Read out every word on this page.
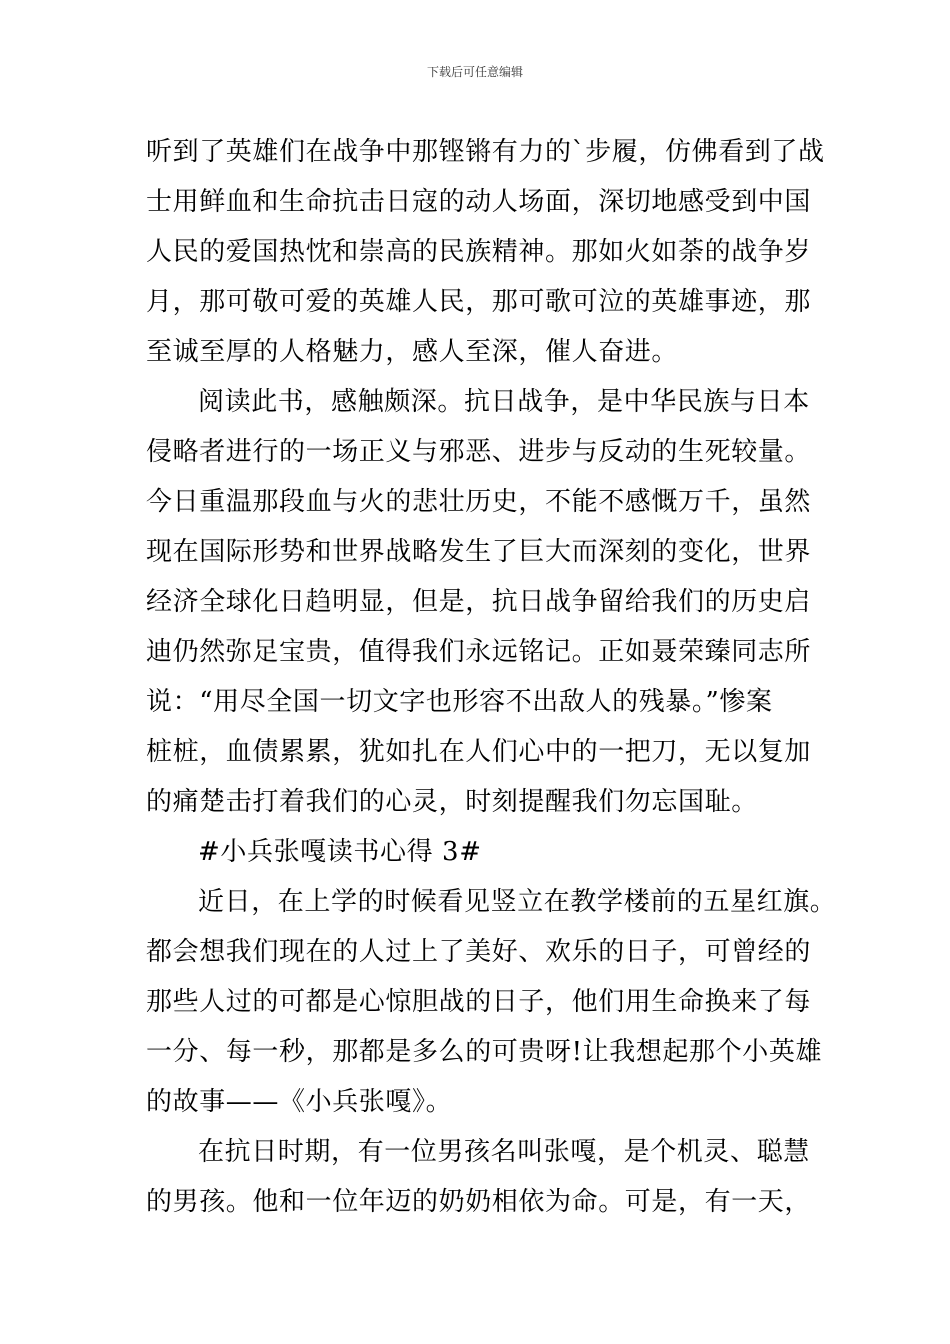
下载后可任意编辑
听到了英雄们在战争中那铿锵有力的`步履，仿佛看到了战
士用鲜血和生命抗击日寇的动人场面，深切地感受到中国
人民的爱国热忱和崇高的民族精神。那如火如荼的战争岁
月，那可敬可爱的英雄人民，那可歌可泣的英雄事迹，那
至诚至厚的人格魅力，感人至深，催人奋进。
阅读此书，感触颇深。抗日战争，是中华民族与日本
侵略者进行的一场正义与邪恶、进步与反动的生死较量。
今日重温那段血与火的悲壮历史，不能不感慨万千，虽然
现在国际形势和世界战略发生了巨大而深刻的变化，世界
经济全球化日趋明显，但是，抗日战争留给我们的历史启
迪仍然弥足宝贵，值得我们永远铭记。正如聂荣臻同志所
说：“用尽全国一切文字也形容不出敌人的残暴。”惨案
桩桩，血债累累，犹如扎在人们心中的一把刀，无以复加
的痛楚击打着我们的心灵，时刻提醒我们勿忘国耻。
#小兵张嘎读书心得 3#
近日，在上学的时候看见竖立在教学楼前的五星红旗。
都会想我们现在的人过上了美好、欢乐的日子，可曾经的
那些人过的可都是心惊胆战的日子，他们用生命换来了每
一分、每一秒，那都是多么的可贵呀!让我想起那个小英雄
的故事——《小兵张嘎》。
在抗日时期，有一位男孩名叫张嘎，是个机灵、聪慧
的男孩。他和一位年迈的奶奶相依为命。可是，有一天，
